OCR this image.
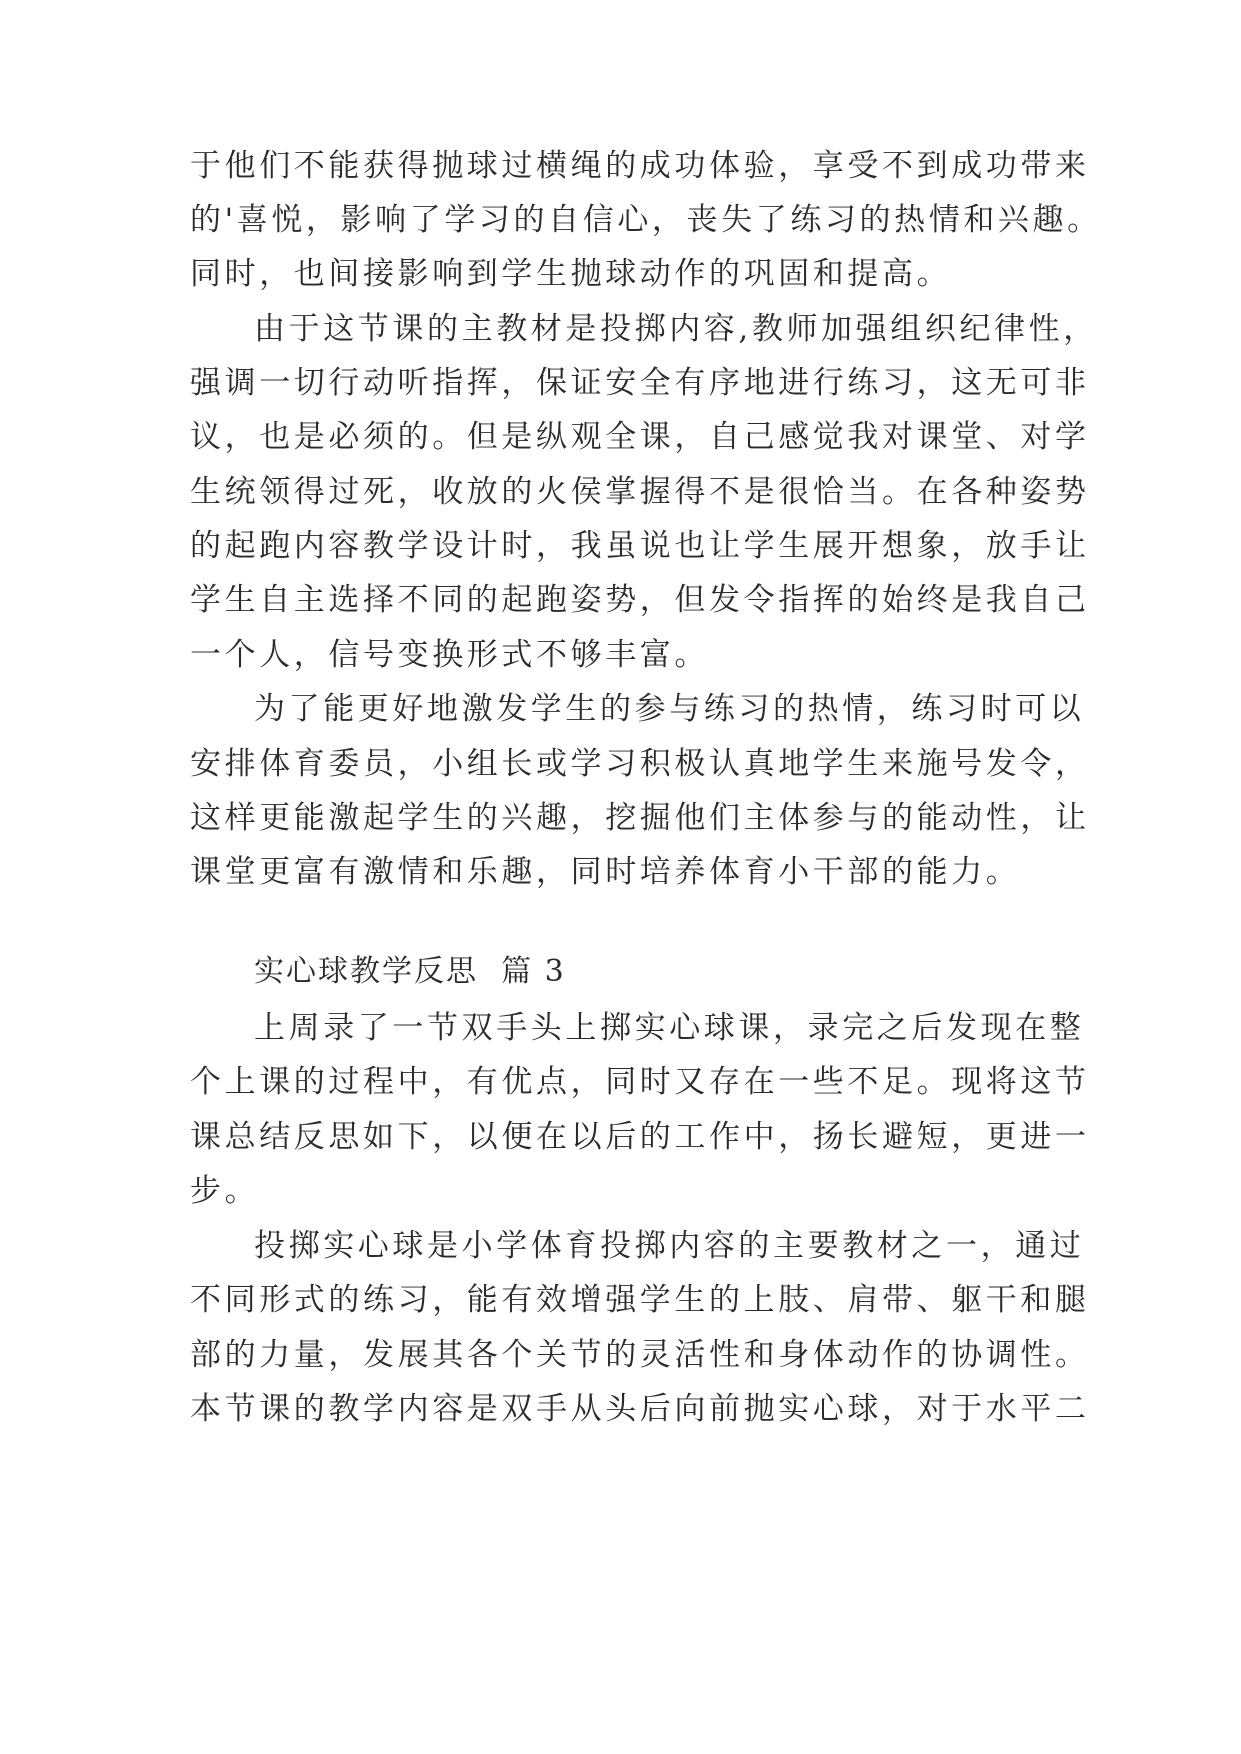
于他们不能获得抛球过横绳的成功体验，享受不到成功带来
的'喜悦，影响了学习的自信心，丧失了练习的热情和兴趣。
同时，也间接影响到学生抛球动作的巩固和提高。
由于这节课的主教材是投掷内容,教师加强组织纪律性，
强调一切行动听指挥，保证安全有序地进行练习，这无可非
议，也是必须的。但是纵观全课，自己感觉我对课堂、对学
生统领得过死，收放的火侯掌握得不是很恰当。在各种姿势
的起跑内容教学设计时，我虽说也让学生展开想象，放手让
学生自主选择不同的起跑姿势，但发令指挥的始终是我自己
一个人，信号变换形式不够丰富。
为了能更好地激发学生的参与练习的热情，练习时可以
安排体育委员，小组长或学习积极认真地学生来施号发令，
这样更能激起学生的兴趣，挖掘他们主体参与的能动性，让
课堂更富有激情和乐趣，同时培养体育小干部的能力。
实心球教学反思  篇 3
上周录了一节双手头上掷实心球课，录完之后发现在整
个上课的过程中，有优点，同时又存在一些不足。现将这节
课总结反思如下，以便在以后的工作中，扬长避短，更进一
步。
投掷实心球是小学体育投掷内容的主要教材之一，通过
不同形式的练习，能有效增强学生的上肢、肩带、躯干和腿
部的力量，发展其各个关节的灵活性和身体动作的协调性。
本节课的教学内容是双手从头后向前抛实心球，对于水平二
